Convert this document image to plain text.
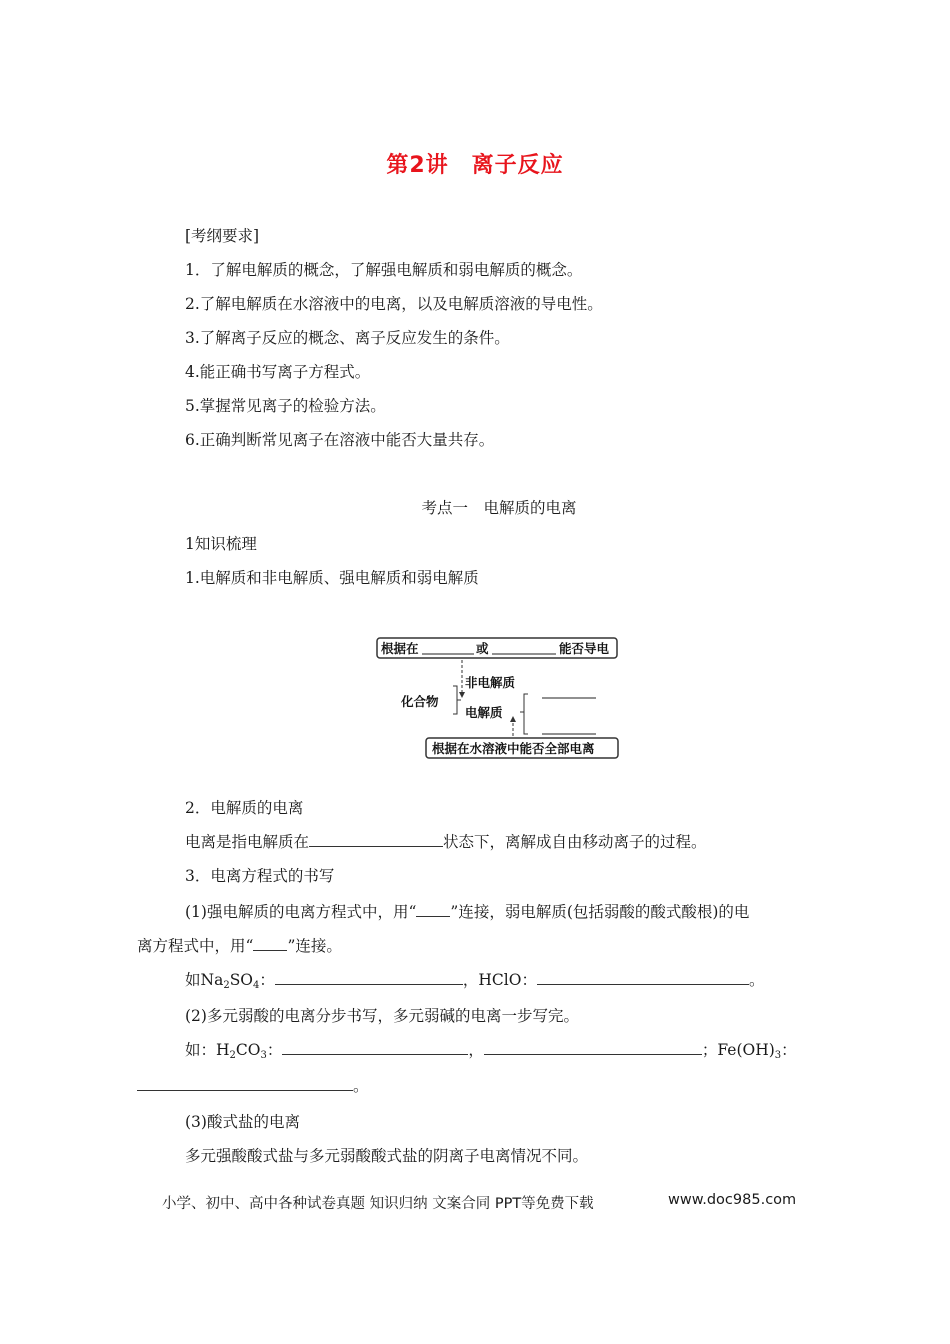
第2讲　离子反应
[考纲要求]
1．了解电解质的概念，了解强电解质和弱电解质的概念。
2.了解电解质在水溶液中的电离，以及电解质溶液的导电性。
3.了解离子反应的概念、离子反应发生的条件。
4.能正确书写离子方程式。
5.掌握常见离子的检验方法。
6.正确判断常见离子在溶液中能否大量共存。
考点一　电解质的电离
1知识梳理
1.电解质和非电解质、强电解质和弱电解质
根据在	或	能否导电
化合物
非电解质
电解质
根据在水溶液中能否全部电离
2．电解质的电离
电离是指电解质在	状态下，离解成自由移动离子的过程。
3．电离方程式的书写
(1)强电解质的电离方程式中，用“ ”连接，弱电解质(包括弱酸的酸式酸根)的电
离方程式中，用“ ”连接。
如$Na_2SO_4$：	，HClO：	。
(2)多元弱酸的电离分步书写，多元弱碱的电离一步写完。
如：$H_2CO_3$：	，	；$Fe(OH)_3$：
。
(3)酸式盐的电离
多元强酸酸式盐与多元弱酸酸式盐的阴离子电离情况不同。
小学、初中、高中各种试卷真题 知识归纳 文案合同 PPT等免费下载	www.doc985.com
